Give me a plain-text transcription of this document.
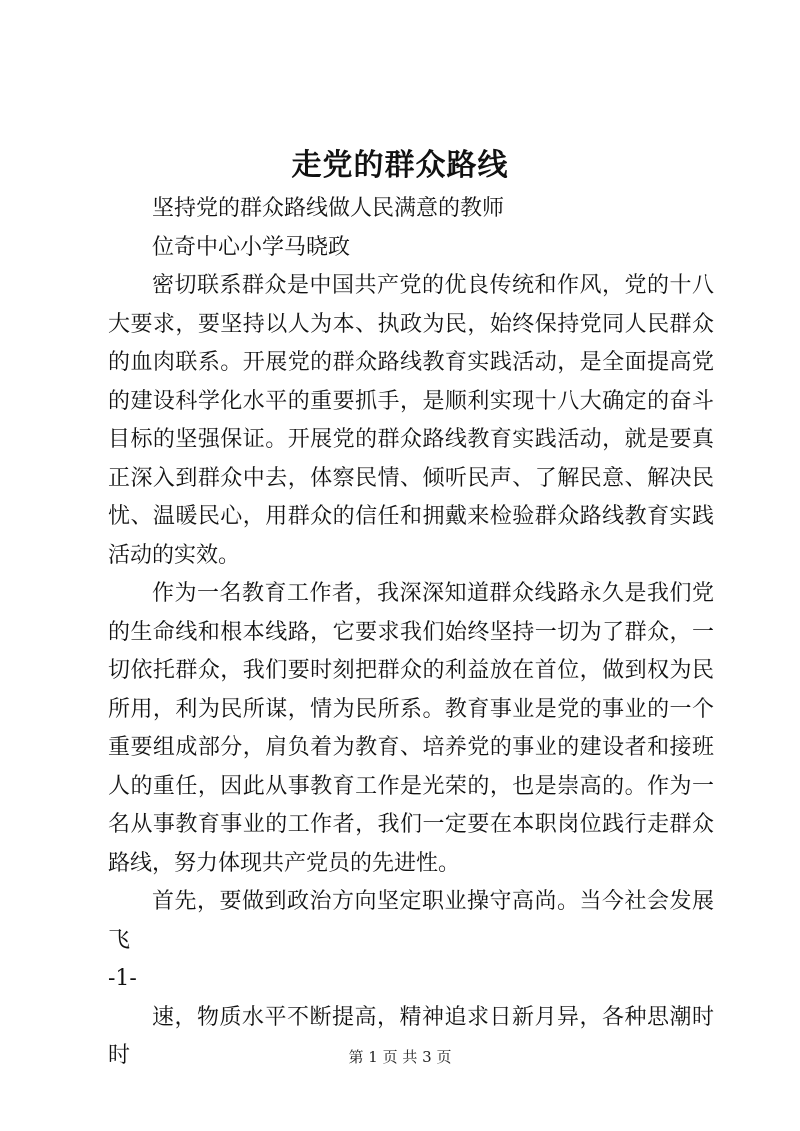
走党的群众路线

坚持党的群众路线做人民满意的教师

位奇中心小学马晓政

密切联系群众是中国共产党的优良传统和作风，党的十八大要求，要坚持以人为本、执政为民，始终保持党同人民群众的血肉联系。开展党的群众路线教育实践活动，是全面提高党的建设科学化水平的重要抓手，是顺利实现十八大确定的奋斗目标的坚强保证。开展党的群众路线教育实践活动，就是要真正深入到群众中去，体察民情、倾听民声、了解民意、解决民忧、温暖民心，用群众的信任和拥戴来检验群众路线教育实践活动的实效。

作为一名教育工作者，我深深知道群众线路永久是我们党的生命线和根本线路，它要求我们始终坚持一切为了群众，一切依托群众，我们要时刻把群众的利益放在首位，做到权为民所用，利为民所谋，情为民所系。教育事业是党的事业的一个重要组成部分，肩负着为教育、培养党的事业的建设者和接班人的重任，因此从事教育工作是光荣的，也是崇高的。作为一名从事教育事业的工作者，我们一定要在本职岗位践行走群众路线，努力体现共产党员的先进性。

首先，要做到政治方向坚定职业操守高尚。当今社会发展飞

-1-

速，物质水平不断提高，精神追求日新月异，各种思潮时时	第 1 页 共 3 页
